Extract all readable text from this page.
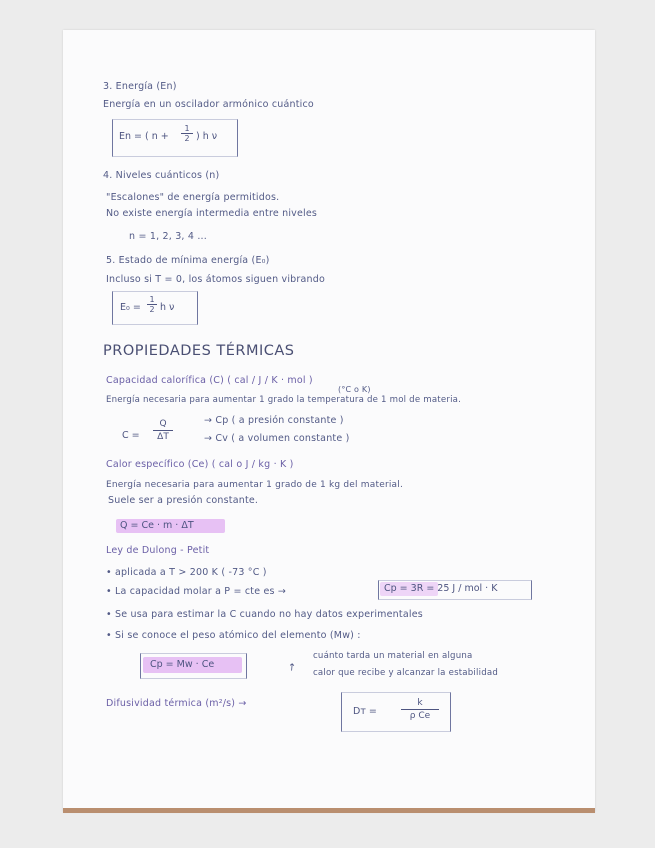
3. Energía (En)
Energía en un oscilador armónico cuántico
En = ( $n + \frac{1}{2}$ ) h ν
4. Niveles cuánticos (n)
"Escalones" de energía permitidos.
No existe energía intermedia entre niveles
n = 1, 2, 3, 4 ...
5. Estado de mínima energía (E₀)
Incluso si T = 0, los átomos siguen vibrando
$E_0 = \frac{1}{2}$ h ν
PROPIEDADES TÉRMICAS
Capacidad calorífica (C) ( cal / J / K · mol )
(°C o K)
Energía necesaria para aumentar 1 grado la temperatura de 1 mol de materia.
$C = \frac{Q}{\Delta T}$	→ Cp ( a presión constante )
→ Cv ( a volumen constante )
Calor específico (Ce) ( cal o J / kg · K )
Energía necesaria para aumentar 1 grado de 1 kg del material.
Suele ser a presión constante.
Q = Ce · m · ΔT
Ley de Dulong - Petit
• aplicada a T > 200 K ( -73 °C )
• La capacidad molar a P = cte es →	Cp = 3R = 25 J / mol · K
• Se usa para estimar la C cuando no hay datos experimentales
• Si se conoce el peso atómico del elemento (Mw) :
Cp = Mw · Ce	↗
cuánto tarda un material en alguna
calor que recibe y alcanzar la estabilidad
Difusividad térmica (m²/s) →
Dт =	$\frac{k}{\text{ρ Ce}}$
